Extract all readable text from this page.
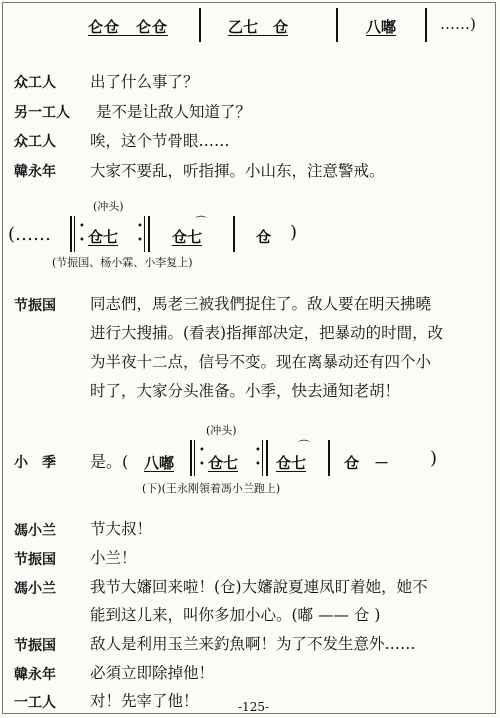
仑仓　仑仓	乙七　仓	八嘟	……)
众工人 出了什么事了？
另一工人 是不是让敌人知道了？
众工人 唉，这个节骨眼……
韓永年 大家不要乱，听指揮。小山东，注意警戒。
(冲头)
(……	•
• 仓七
•
•
⌒
仓七	仓 )
(节振国、杨小霖、小李复上)
节振国 同志們，馬老三被我們捉住了。敌人要在明天拂曉
进行大搜捕。(看表)指揮部决定，把暴动的时間，改
为半夜十二点，信号不变。现在离暴动还有四个小
时了，大家分头准备。小季，快去通知老胡！
(冲头)
小　季 是。( 八嘟
•
• 仓七
•
•
⌒
仓七	仓　－ )
(下)(王永刚領着馮小兰跑上)
馮小兰 节大叔！
节振国 小兰！
馮小兰 我节大嬸回来啦！(仓)大嬸說夏連凤盯着她，她不
能到这儿来，叫你多加小心。(嘟 —— 仓 )
节振国 敌人是利用玉兰来釣魚啊！为了不发生意外……
韓永年 必須立即除掉他！
一工人 对！先宰了他！	-125-
